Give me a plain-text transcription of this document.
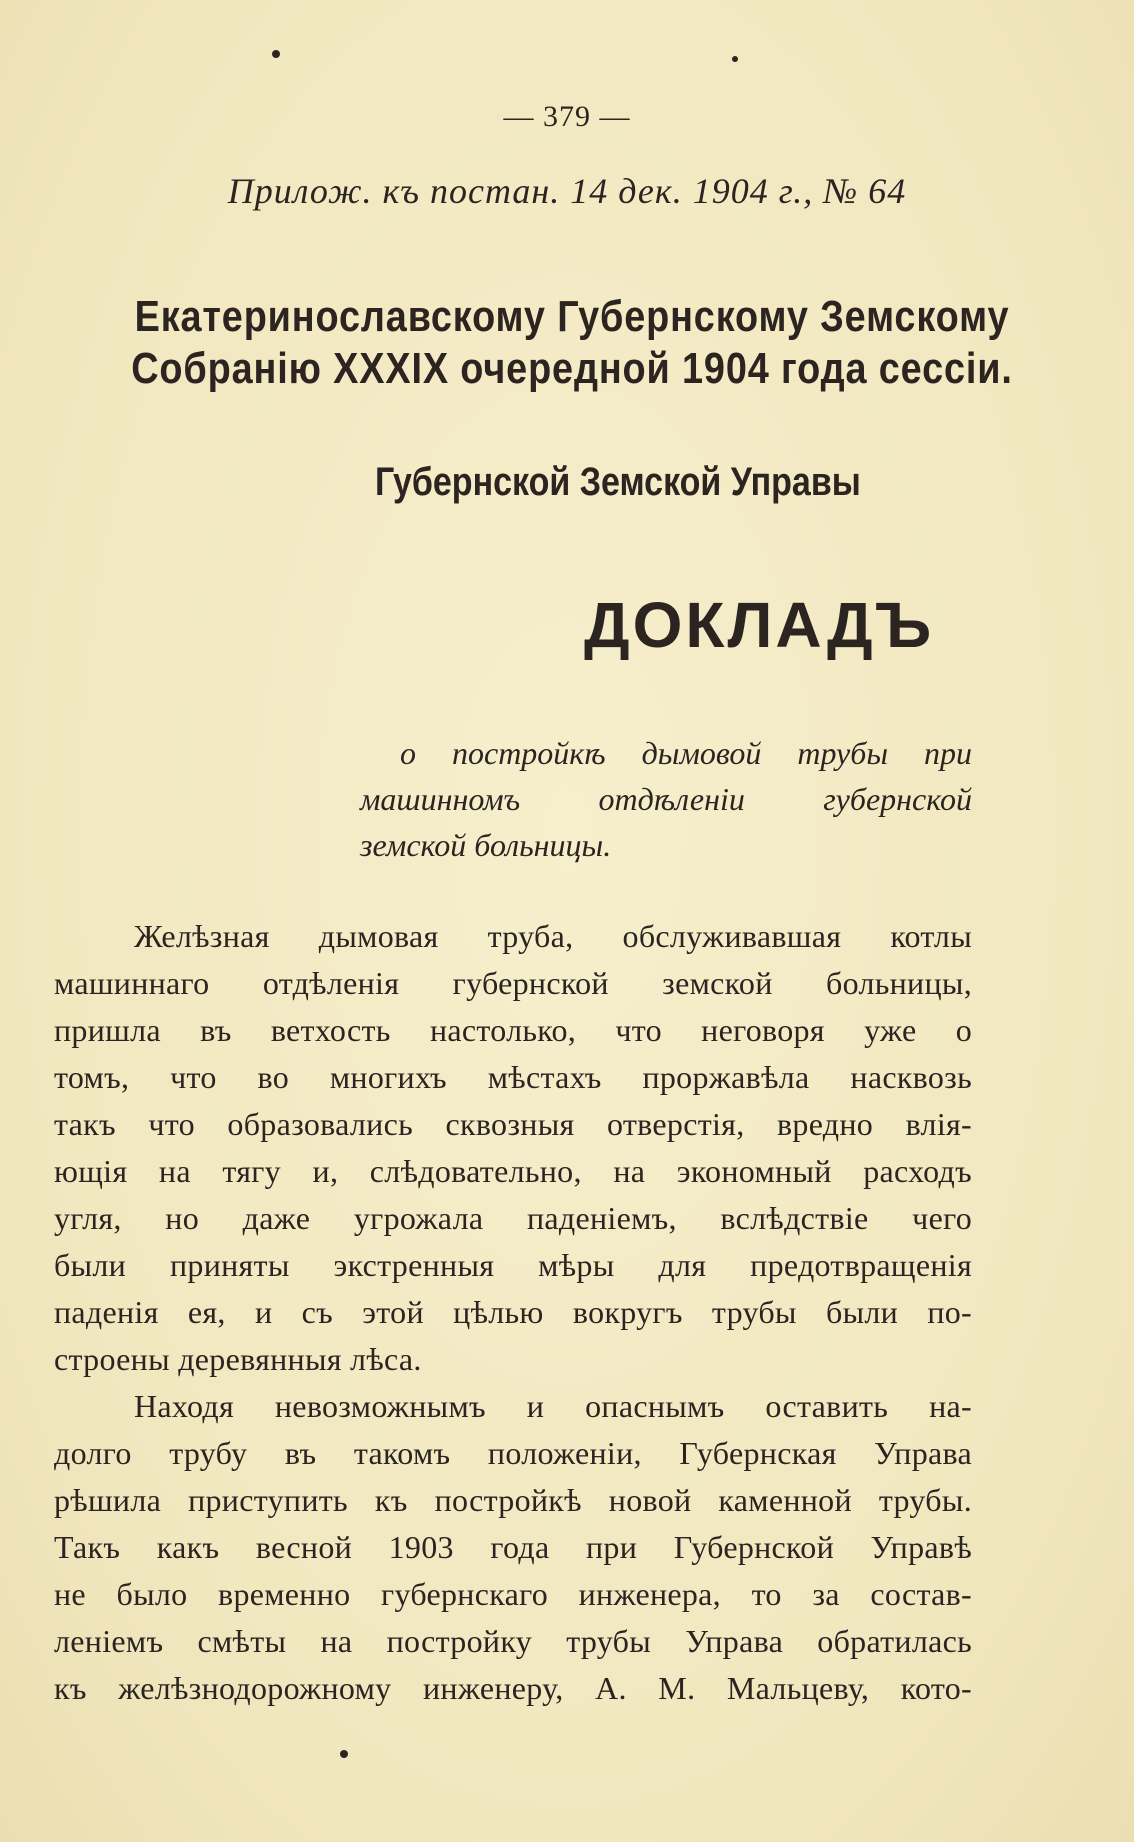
— 379 —
Прилож. къ постан. 14 дек. 1904 г., № 64
Екатеринославскому Губернскому Земскому
Собранію XXXIX очередной 1904 года сессіи.
Губернской Земской Управы
ДОКЛАДЪ
о постройкѣ дымовой трубы при
машинномъ отдѣленіи губернской
земской больницы.
Желѣзная дымовая труба, обслуживавшая котлы
машиннаго отдѣленія губернской земской больницы,
пришла въ ветхость настолько, что неговоря уже о
томъ, что во многихъ мѣстахъ проржавѣла насквозь
такъ что образовались сквозныя отверстія, вредно влія-
ющія на тягу и, слѣдовательно, на экономный расходъ
угля, но даже угрожала паденіемъ, вслѣдствіе чего
были приняты экстренныя мѣры для предотвращенія
паденія ея, и съ этой цѣлью вокругъ трубы были по-
строены деревянныя лѣса.
Находя невозможнымъ и опаснымъ оставить на-
долго трубу въ такомъ положеніи, Губернская Управа
рѣшила приступить къ постройкѣ новой каменной трубы.
Такъ какъ весной 1903 года при Губернской Управѣ
не было временно губернскаго инженера, то за состав-
леніемъ смѣты на постройку трубы Управа обратилась
къ желѣзнодорожному инженеру, А. М. Мальцеву, кото-
